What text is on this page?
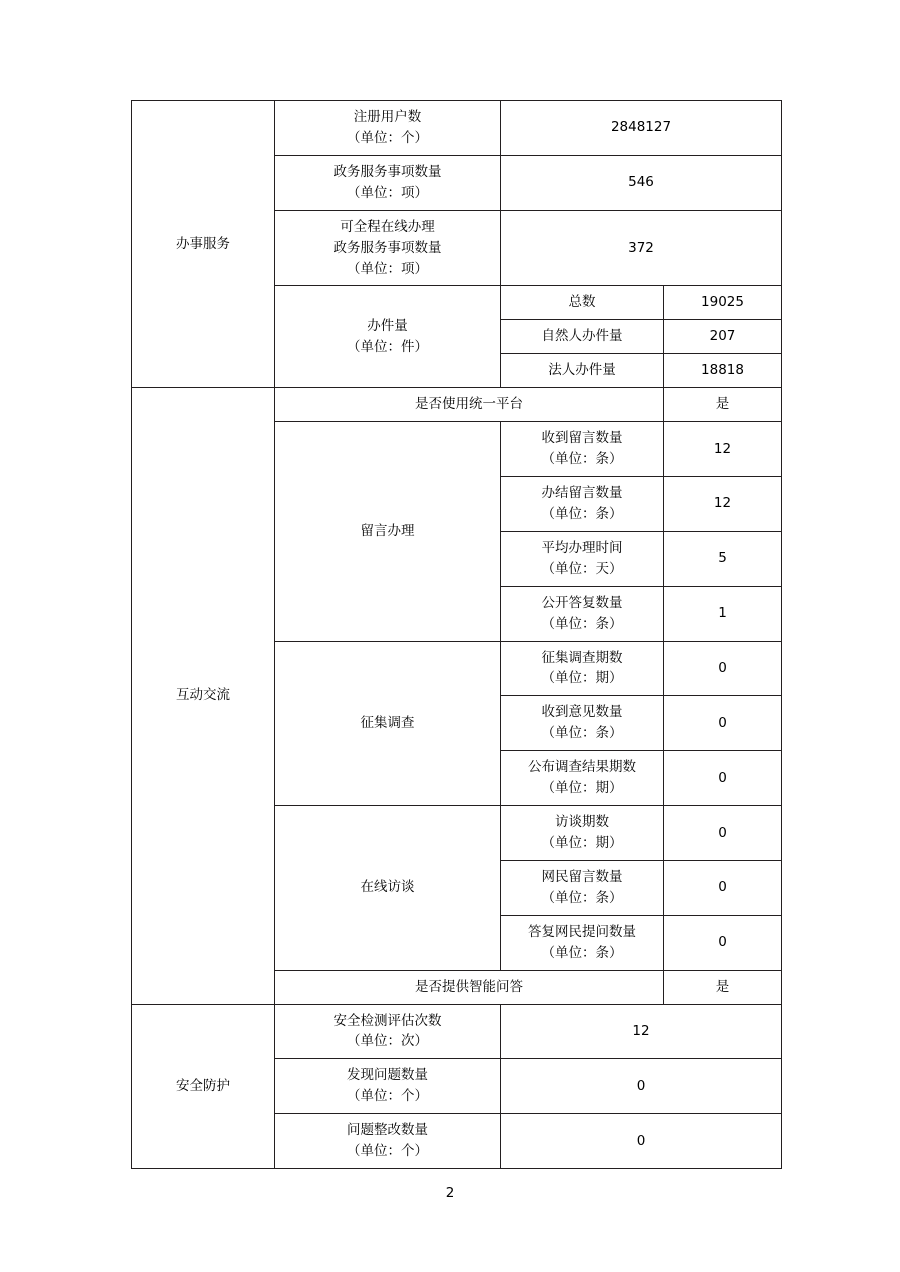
办事服务	注册用户数
（单位：个）	2848127	

	政务服务事项数量
（单位：项）	546	

	可全程在线办理
政务服务事项数量
（单位：项）	372	

	办件量
（单位：件）	总数	19025

		自然人办件量	207

		法人办件量	18818
互动交流	是否使用统一平台		是

	留言办理	收到留言数量
（单位：条）	12

		办结留言数量
（单位：条）	12

		平均办理时间
（单位：天）	5

		公开答复数量
（单位：条）	1

	征集调查	征集调查期数
（单位：期）	0

		收到意见数量
（单位：条）	0

		公布调查结果期数
（单位：期）	0

	在线访谈	访谈期数
（单位：期）	0

		网民留言数量
（单位：条）	0

		答复网民提问数量
（单位：条）	0

	是否提供智能问答		是
安全防护	安全检测评估次数
（单位：次）	12	

	发现问题数量
（单位：个）	0	

	问题整改数量
（单位：个）	0	
2
